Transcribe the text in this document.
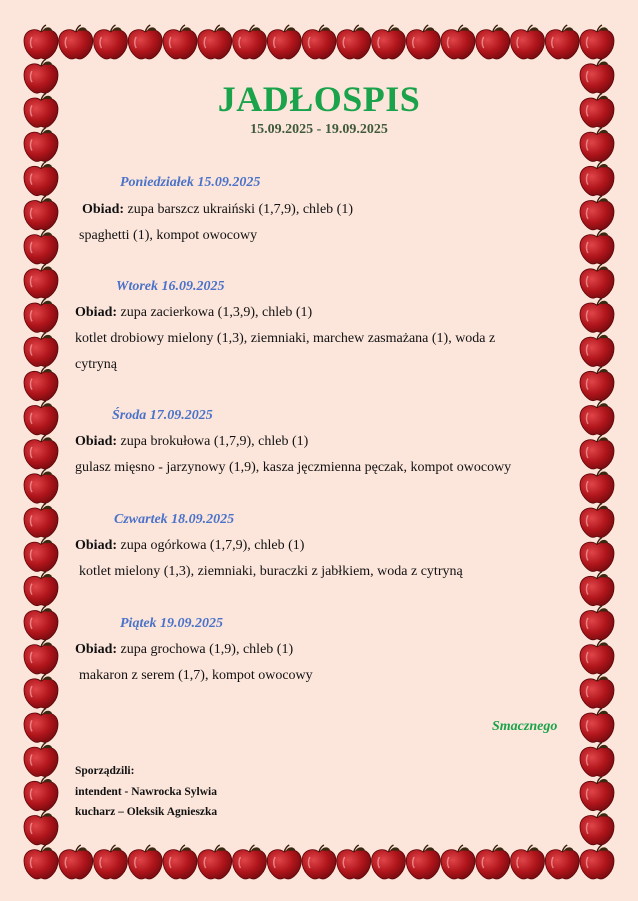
JADŁOSPIS
15.09.2025 - 19.09.2025
Poniedziałek 15.09.2025
Obiad: zupa barszcz ukraiński (1,7,9), chleb (1)
spaghetti (1), kompot owocowy
Wtorek 16.09.2025
Obiad: zupa zacierkowa (1,3,9), chleb (1)
kotlet drobiowy mielony (1,3), ziemniaki, marchew zasmażana (1), woda z
cytryną
Środa 17.09.2025
Obiad: zupa brokułowa (1,7,9), chleb (1)
gulasz mięsno - jarzynowy (1,9), kasza jęczmienna pęczak, kompot owocowy
Czwartek 18.09.2025
Obiad: zupa ogórkowa (1,7,9), chleb (1)
kotlet mielony (1,3), ziemniaki, buraczki z jabłkiem, woda z cytryną
Piątek 19.09.2025
Obiad: zupa grochowa (1,9), chleb (1)
makaron z serem (1,7), kompot owocowy
Smacznego
Sporządzili:
intendent - Nawrocka Sylwia
kucharz – Oleksik Agnieszka
